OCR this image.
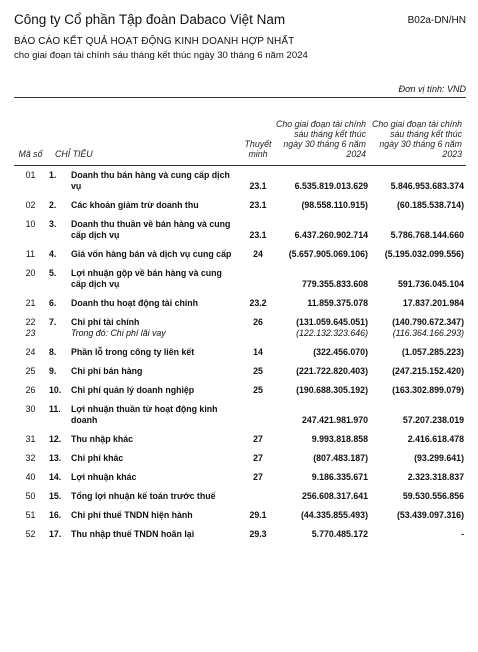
Công ty Cổ phần Tập đoàn Dabaco Việt Nam	B02a-DN/HN
BÁO CÁO KẾT QUẢ HOẠT ĐỘNG KINH DOANH HỢP NHẤT
cho giai đoạn tài chính sáu tháng kết thúc ngày 30 tháng 6 năm 2024
Đơn vị tính: VND
Mã số	CHỈ TIÊU	Thuyết minh	Cho giai đoạn tài chính sáu tháng kết thúc ngày 30 tháng 6 năm 2024	Cho giai đoạn tài chính sáu tháng kết thúc ngày 30 tháng 6 năm 2023
01	1. Doanh thu bán hàng và cung cấp dịch vụ	23.1	6.535.819.013.629	5.846.953.683.374
02	2. Các khoản giảm trừ doanh thu	23.1	(98.558.110.915)	(60.185.538.714)
10	3. Doanh thu thuần về bán hàng và cung cấp dịch vụ	23.1	6.437.260.902.714	5.786.768.144.660
11	4. Giá vốn hàng bán và dịch vụ cung cấp	24	(5.657.905.069.106)	(5.195.032.099.556)
20	5. Lợi nhuận gộp về bán hàng và cung cấp dịch vụ		779.355.833.608	591.736.045.104
21	6. Doanh thu hoạt động tài chính	23.2	11.859.375.078	17.837.201.984
22	7. Chi phí tài chính	26	(131.059.645.051)	(140.790.672.347)
23	Trong đó: Chi phí lãi vay		(122.132.323.646)	(116.364.166.293)
24	8. Phần lỗ trong công ty liên kết	14	(322.456.070)	(1.057.285.223)
25	9. Chi phí bán hàng	25	(221.722.820.403)	(247.215.152.420)
26	10. Chi phí quản lý doanh nghiệp	25	(190.688.305.192)	(163.302.899.079)
30	11. Lợi nhuận thuần từ hoạt động kinh doanh		247.421.981.970	57.207.238.019
31	12. Thu nhập khác	27	9.993.818.858	2.416.618.478
32	13. Chi phí khác	27	(807.483.187)	(93.299.641)
40	14. Lợi nhuận khác	27	9.186.335.671	2.323.318.837
50	15. Tổng lợi nhuận kế toán trước thuế		256.608.317.641	59.530.556.856
51	16. Chi phí thuế TNDN hiện hành	29.1	(44.335.855.493)	(53.439.097.316)
52	17. Thu nhập thuế TNDN hoãn lại	29.3	5.770.485.172	-
